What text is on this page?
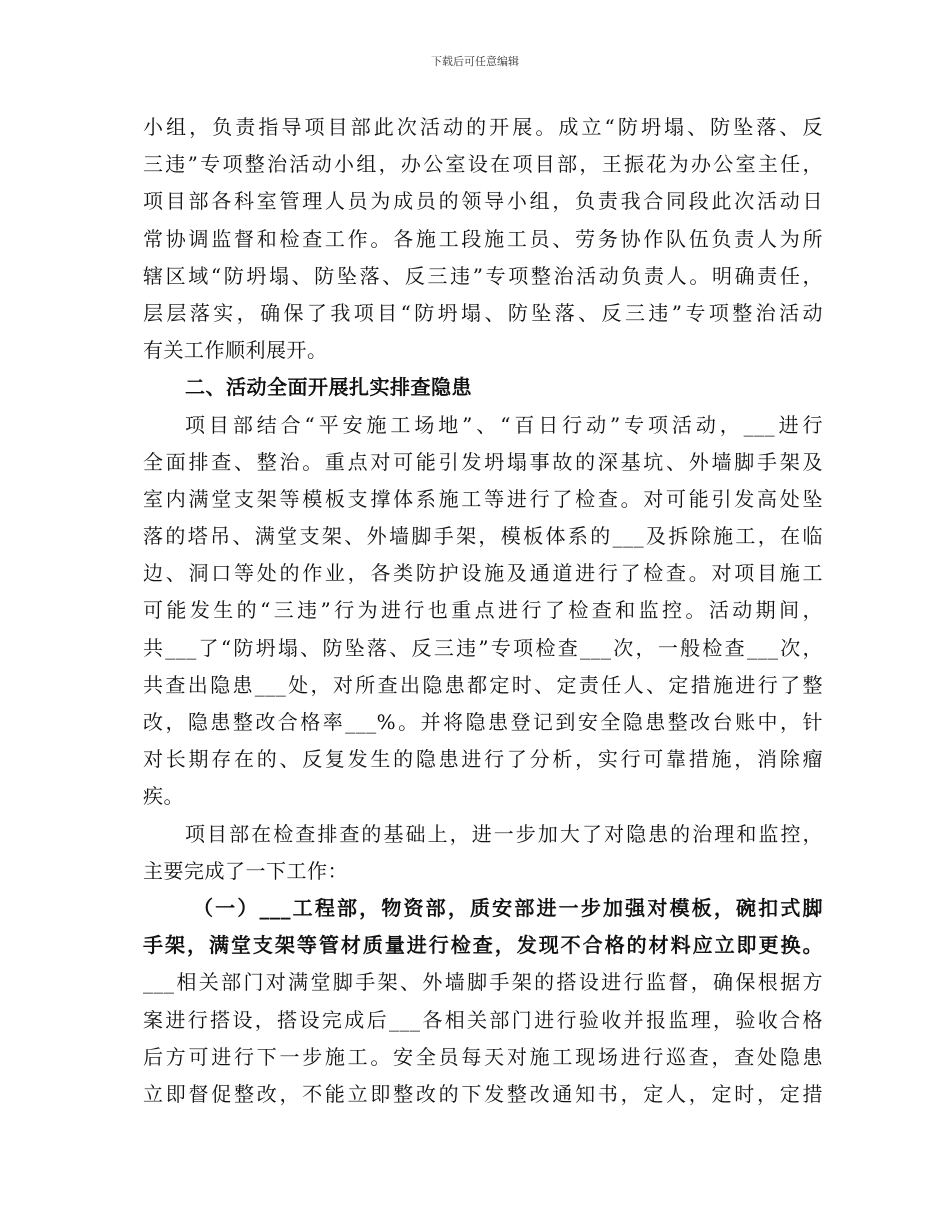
下载后可任意编辑
小组，负责指导项目部此次活动的开展。成立“防坍塌、防坠落、反
三违”专项整治活动小组，办公室设在项目部，王振花为办公室主任，
项目部各科室管理人员为成员的领导小组，负责我合同段此次活动日
常协调监督和检查工作。各施工段施工员、劳务协作队伍负责人为所
辖区域“防坍塌、防坠落、反三违”专项整治活动负责人。明确责任，
层层落实，确保了我项目“防坍塌、防坠落、反三违”专项整治活动
有关工作顺利展开。
二、活动全面开展扎实排查隐患
项目部结合“平安施工场地”、“百日行动”专项活动，___进行
全面排查、整治。重点对可能引发坍塌事故的深基坑、外墙脚手架及
室内满堂支架等模板支撑体系施工等进行了检查。对可能引发高处坠
落的塔吊、满堂支架、外墙脚手架，模板体系的___及拆除施工，在临
边、洞口等处的作业，各类防护设施及通道进行了检查。对项目施工
可能发生的“三违”行为进行也重点进行了检查和监控。活动期间，
共___了“防坍塌、防坠落、反三违”专项检查___次，一般检查___次，
共查出隐患___处，对所查出隐患都定时、定责任人、定措施进行了整
改，隐患整改合格率___%。并将隐患登记到安全隐患整改台账中，针
对长期存在的、反复发生的隐患进行了分析，实行可靠措施，消除瘤
疾。
项目部在检查排查的基础上，进一步加大了对隐患的治理和监控，
主要完成了一下工作：
（一）___工程部，物资部，质安部进一步加强对模板，碗扣式脚
手架，满堂支架等管材质量进行检查，发现不合格的材料应立即更换。
___相关部门对满堂脚手架、外墙脚手架的搭设进行监督，确保根据方
案进行搭设，搭设完成后___各相关部门进行验收并报监理，验收合格
后方可进行下一步施工。安全员每天对施工现场进行巡查，查处隐患
立即督促整改，不能立即整改的下发整改通知书，定人，定时，定措
